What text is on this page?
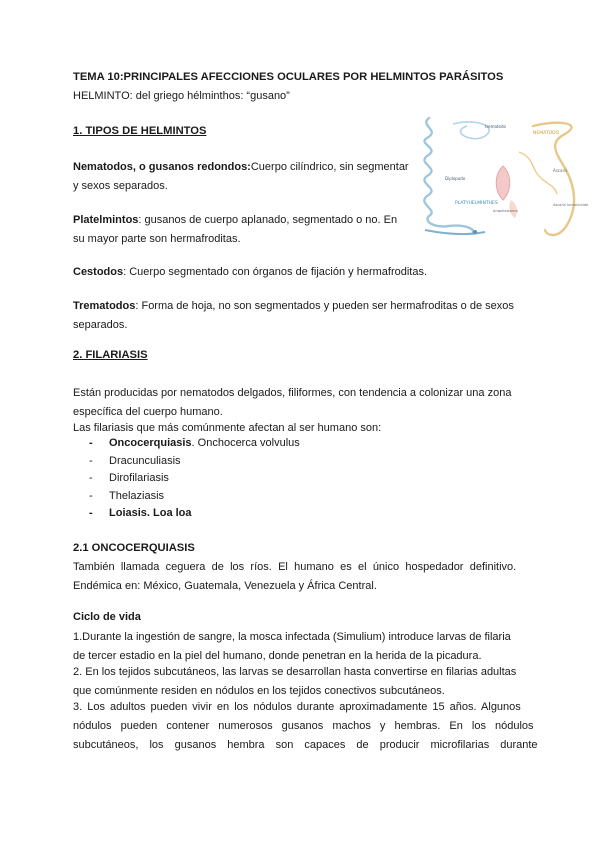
TEMA 10:PRINCIPALES AFECCIONES OCULARES POR HELMINTOS PARÁSITOS
HELMINTO: del griego hélminthos: “gusano”
1. TIPOS DE HELMINTOS
Nematodos, o gusanos redondos:Cuerpo cilíndrico, sin segmentar
y sexos separados.
Platelmintos: gusanos de cuerpo aplanado, segmentado o no. En
su mayor parte son hermafroditas.
Cestodos: Cuerpo segmentado con órganos de fijación y hermafroditas.
Trematodos: Forma de hoja, no son segmentados y pueden ser hermafroditas o de sexos
separados.
trematodo
NEMATODO
Diplopodo
PLATYHELMINTHES
Ascaris
Ascaris lumbricoides
Anquilostoma
2. FILARIASIS
Están producidas por nematodos delgados, filiformes, con tendencia a colonizar una zona
específica del cuerpo humano.
Las filariasis que más comúnmente afectan al ser humano son:
- Oncocerquiasis. Onchocerca volvulus
- Dracunculiasis
- Dirofilariasis
- Thelaziasis
- Loiasis. Loa loa
2.1 ONCOCERQUIASIS
También llamada ceguera de los ríos. El humano es el único hospedador definitivo.
Endémica en: México, Guatemala, Venezuela y África Central.
Ciclo de vida
1.Durante la ingestión de sangre, la mosca infectada (Simulium) introduce larvas de filaria
de tercer estadio en la piel del humano, donde penetran en la herida de la picadura.
2. En los tejidos subcutáneos, las larvas se desarrollan hasta convertirse en filarias adultas
que comúnmente residen en nódulos en los tejidos conectivos subcutáneos.
3. Los adultos pueden vivir en los nódulos durante aproximadamente 15 años. Algunos
nódulos pueden contener numerosos gusanos machos y hembras. En los nódulos
subcutáneos, los gusanos hembra son capaces de producir microfilarias durante
